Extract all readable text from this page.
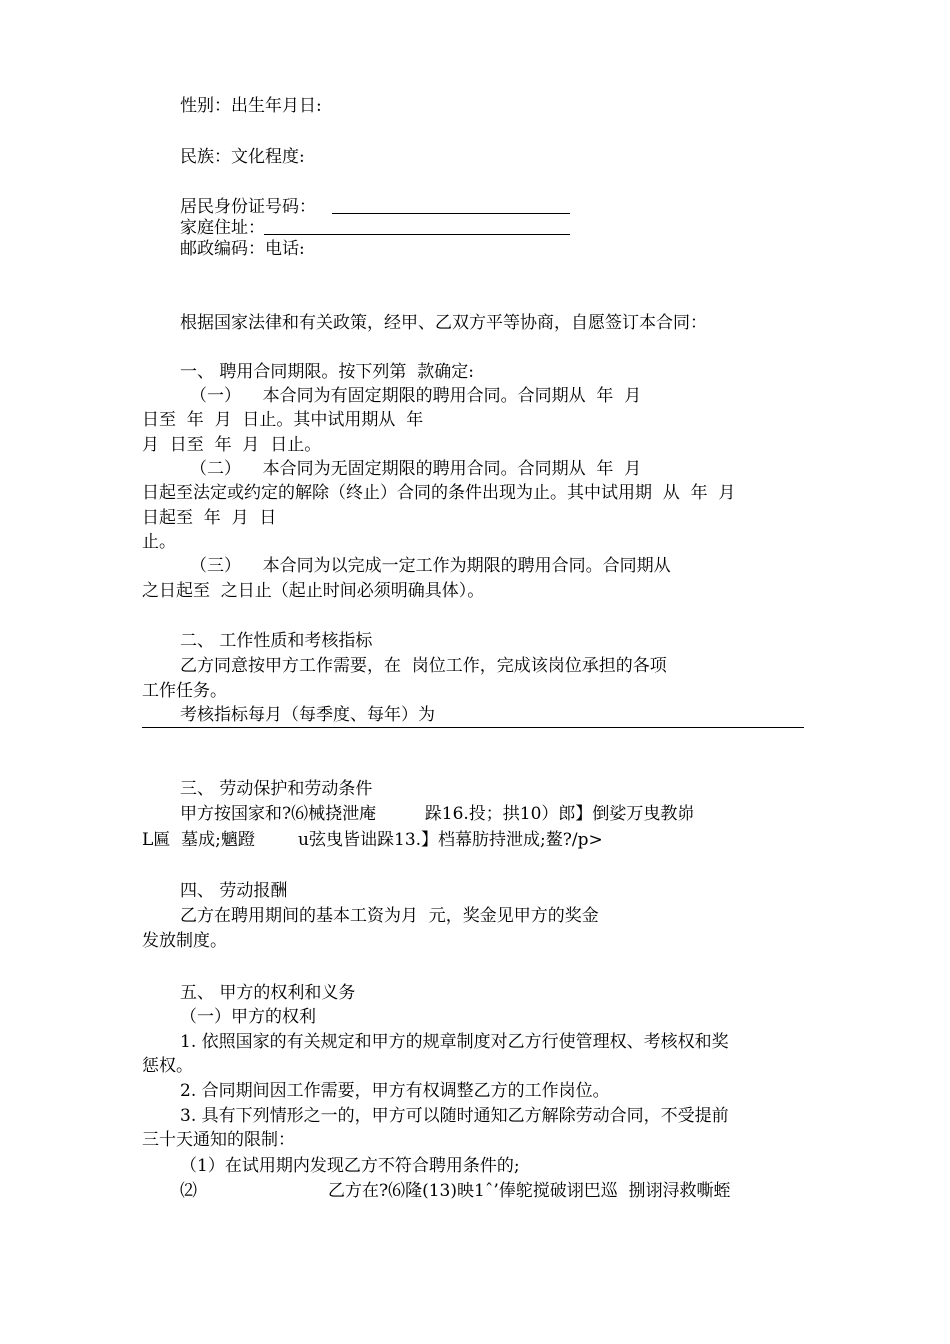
性别：出生年月日:
民族：文化程度:
居民身份证号码：
家庭住址：
邮政编码：电话:
根据国家法律和有关政策，经甲、乙双方平等协商，自愿签订本合同：
一、 聘用合同期限。按下列第  款确定:
（一）    本合同为有固定期限的聘用合同。合同期从  年  月
日至  年  月  日止。其中试用期从  年
月  日至  年  月  日止。
（二）    本合同为无固定期限的聘用合同。合同期从  年  月
日起至法定或约定的解除（终止）合同的条件出现为止。其中试用期  从  年  月
日起至  年  月  日
止。
（三）    本合同为以完成一定工作为期限的聘用合同。合同期从
之日起至  之日止（起止时间必须明确具体）。
二、 工作性质和考核指标
乙方同意按甲方工作需要，在  岗位工作，完成该岗位承担的各项
工作任务。
考核指标每月（每季度、每年）为
三、 劳动保护和劳动条件
甲方按国家和?⑹械挠泄庵         跺16.投；拱10）郎】倒娑万曳教峁
L匾  墓成;魑蹬        u弦曳皆诎跺13.】档幕肪持泄成;鳌?/p>
四、 劳动报酬
乙方在聘用期间的基本工资为月  元，奖金见甲方的奖金
发放制度。
五、 甲方的权利和义务
（一）甲方的权利
1. 依照国家的有关规定和甲方的规章制度对乙方行使管理权、考核权和奖
惩权。
2. 合同期间因工作需要，甲方有权调整乙方的工作岗位。
3. 具有下列情形之一的，甲方可以随时通知乙方解除劳动合同，不受提前
三十天通知的限制：
（1）在试用期内发现乙方不符合聘用条件的;
⑵	乙方在?⑹隆(13)映1ˆ’俸鸵搅破诩巴巡  捌诩浔救嘶蛭
